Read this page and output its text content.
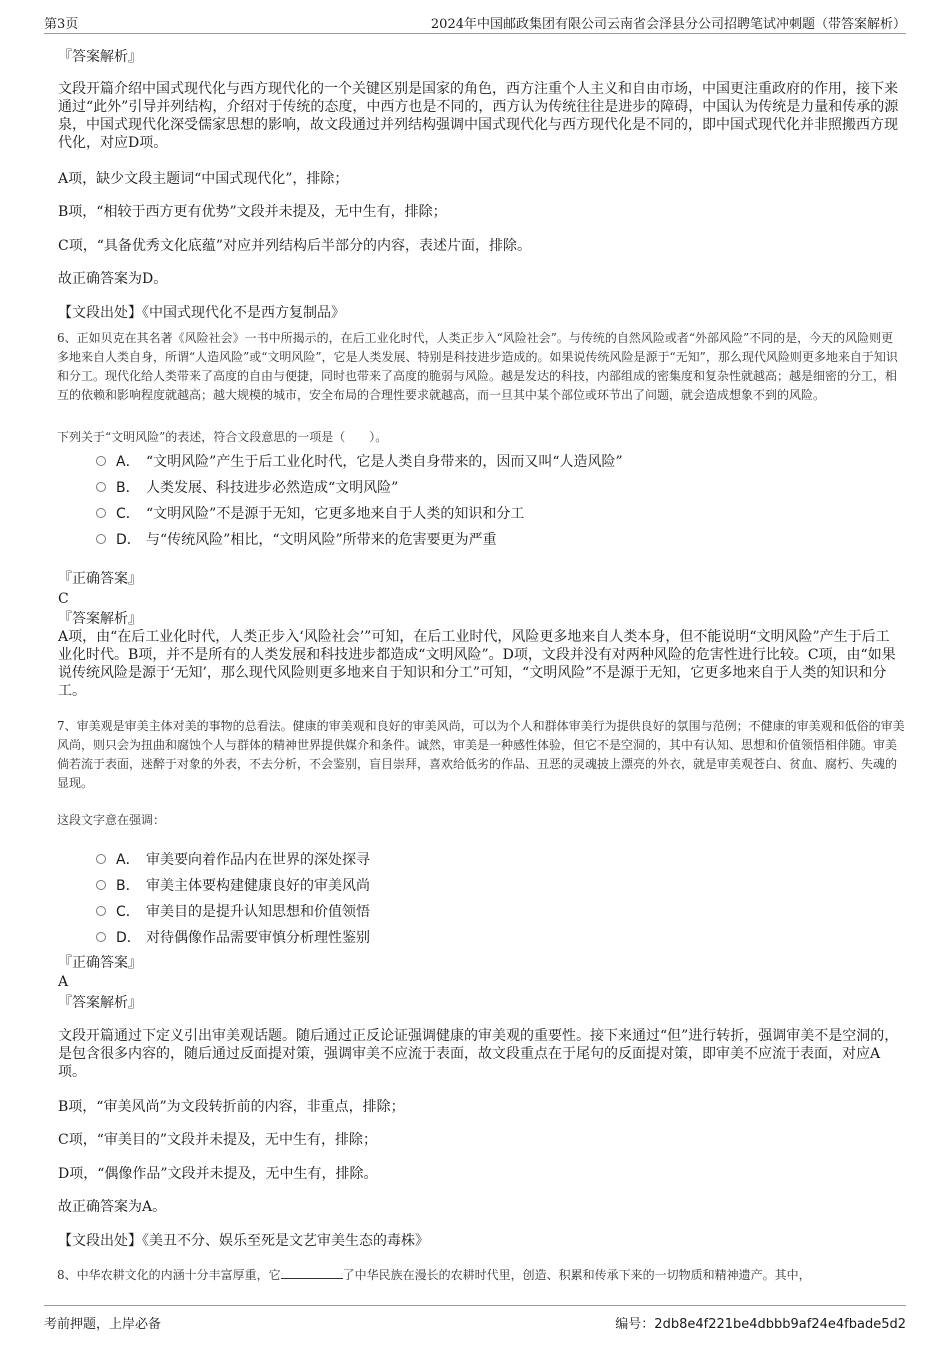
第3页	2024年中国邮政集团有限公司云南省会泽县分公司招聘笔试冲刺题（带答案解析）
『答案解析』
文段开篇介绍中国式现代化与西方现代化的一个关键区别是国家的角色，西方注重个人主义和自由市场，中国更注重政府的作用，接下来通过“此外”引导并列结构，介绍对于传统的态度，中西方也是不同的，西方认为传统往往是进步的障碍，中国认为传统是力量和传承的源泉，中国式现代化深受儒家思想的影响，故文段通过并列结构强调中国式现代化与西方现代化是不同的，即中国式现代化并非照搬西方现代化，对应D项。
A项，缺少文段主题词“中国式现代化”，排除；
B项，“相较于西方更有优势”文段并未提及，无中生有，排除；
C项，“具备优秀文化底蕴”对应并列结构后半部分的内容，表述片面，排除。
故正确答案为D。
【文段出处】《中国式现代化不是西方复制品》
6、正如贝克在其名著《风险社会》一书中所揭示的，在后工业化时代，人类正步入“风险社会”。与传统的自然风险或者“外部风险”不同的是，今天的风险则更多地来自人类自身，所谓“人造风险”或“文明风险”，它是人类发展、特别是科技进步造成的。如果说传统风险是源于“无知”，那么现代风险则更多地来自于知识和分工。现代化给人类带来了高度的自由与便捷，同时也带来了高度的脆弱与风险。越是发达的科技，内部组成的密集度和复杂性就越高；越是细密的分工，相互的依赖和影响程度就越高；越大规模的城市，安全布局的合理性要求就越高，而一旦其中某个部位或环节出了问题，就会造成想象不到的风险。
下列关于“文明风险”的表述，符合文段意思的一项是（　　）。
A． “文明风险”产生于后工业化时代，它是人类自身带来的，因而又叫“人造风险”
B． 人类发展、科技进步必然造成“文明风险”
C． “文明风险”不是源于无知，它更多地来自于人类的知识和分工
D． 与“传统风险”相比，“文明风险”所带来的危害要更为严重
『正确答案』
C
『答案解析』
A项，由“在后工业化时代，人类正步入‘风险社会’”可知，在后工业时代，风险更多地来自人类本身，但不能说明“文明风险”产生于后工业化时代。B项，并不是所有的人类发展和科技进步都造成“文明风险”。D项，文段并没有对两种风险的危害性进行比较。C项，由“如果说传统风险是源于‘无知’，那么现代风险则更多地来自于知识和分工”可知，“文明风险”不是源于无知，它更多地来自于人类的知识和分工。
7、审美观是审美主体对美的事物的总看法。健康的审美观和良好的审美风尚，可以为个人和群体审美行为提供良好的氛围与范例；不健康的审美观和低俗的审美风尚，则只会为扭曲和腐蚀个人与群体的精神世界提供媒介和条件。诚然，审美是一种感性体验，但它不是空洞的，其中有认知、思想和价值领悟相伴随。审美倘若流于表面，迷醉于对象的外表，不去分析，不会鉴别，盲目崇拜，喜欢给低劣的作品、丑恶的灵魂披上漂亮的外衣，就是审美观苍白、贫血、腐朽、失魂的显现。
这段文字意在强调：
A． 审美要向着作品内在世界的深处探寻
B． 审美主体要构建健康良好的审美风尚
C． 审美目的是提升认知思想和价值领悟
D． 对待偶像作品需要审慎分析理性鉴别
『正确答案』
A
『答案解析』
文段开篇通过下定义引出审美观话题。随后通过正反论证强调健康的审美观的重要性。接下来通过“但”进行转折，强调审美不是空洞的，是包含很多内容的，随后通过反面提对策，强调审美不应流于表面，故文段重点在于尾句的反面提对策，即审美不应流于表面，对应A项。
B项，“审美风尚”为文段转折前的内容，非重点，排除；
C项，“审美目的”文段并未提及，无中生有，排除；
D项，“偶像作品”文段并未提及，无中生有，排除。
故正确答案为A。
【文段出处】《美丑不分、娱乐至死是文艺审美生态的毒株》
8、中华农耕文化的内涵十分丰富厚重，它	了中华民族在漫长的农耕时代里，创造、积累和传承下来的一切物质和精神遗产。其中，
考前押题，上岸必备	编号：2db8e4f221be4dbbb9af24e4fbade5d2
